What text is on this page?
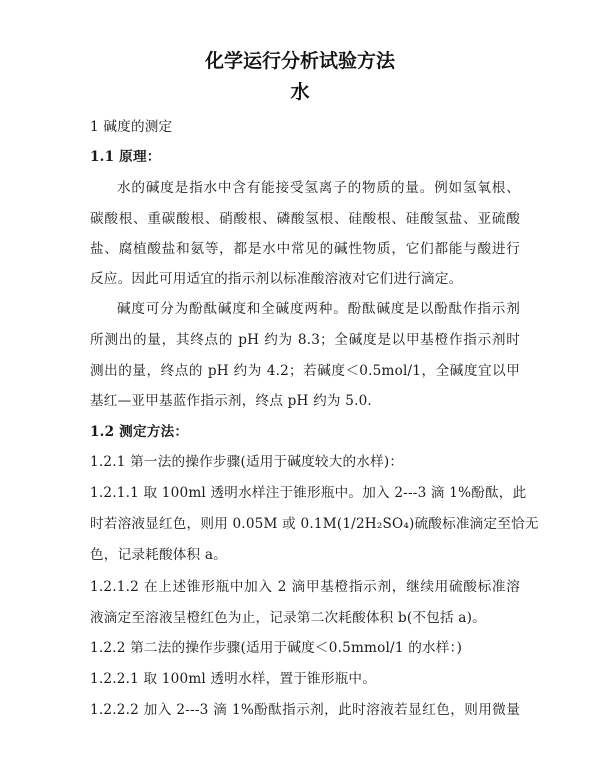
化学运行分析试验方法
水
1 碱度的测定
1.1 原理：
水的碱度是指水中含有能接受氢离子的物质的量。例如氢氧根、
碳酸根、重碳酸根、硝酸根、磷酸氢根、硅酸根、硅酸氢盐、亚硫酸
盐、腐植酸盐和氨等，都是水中常见的碱性物质，它们都能与酸进行
反应。因此可用适宜的指示剂以标准酸溶液对它们进行滴定。
碱度可分为酚酞碱度和全碱度两种。酚酞碱度是以酚酞作指示剂
所测出的量，其终点的 pH 约为 8.3；全碱度是以甲基橙作指示剂时
测出的量，终点的 pH 约为 4.2；若碱度＜0.5mol/1，全碱度宜以甲
基红—亚甲基蓝作指示剂，终点 pH 约为 5.0.
1.2 测定方法：
1.2.1 第一法的操作步骤(适用于碱度较大的水样)：
1.2.1.1 取 100ml 透明水样注于锥形瓶中。加入 2---3 滴 1%酚酞，此
时若溶液显红色，则用 0.05M 或 0.1M(1/2H₂SO₄)硫酸标准滴定至恰无
色，记录耗酸体积 a。
1.2.1.2 在上述锥形瓶中加入 2 滴甲基橙指示剂，继续用硫酸标准溶
液滴定至溶液呈橙红色为止，记录第二次耗酸体积 b(不包括 a)。
1.2.2 第二法的操作步骤(适用于碱度＜0.5mmol/1 的水样：)
1.2.2.1 取 100ml 透明水样，置于锥形瓶中。
1.2.2.2 加入 2---3 滴 1%酚酞指示剂，此时溶液若显红色，则用微量
